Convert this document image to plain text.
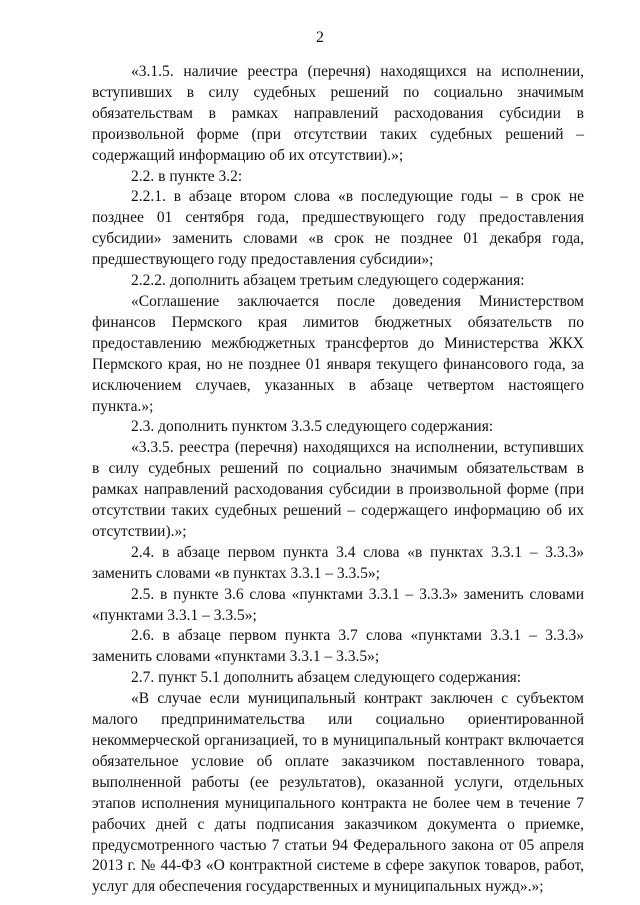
2

«3.1.5. наличие реестра (перечня) находящихся на исполнении, вступивших в силу судебных решений по социально значимым обязательствам в рамках направлений расходования субсидии в произвольной форме (при отсутствии таких судебных решений – содержащий информацию об их отсутствии).»;

2.2. в пункте 3.2:

2.2.1. в абзаце втором слова «в последующие годы – в срок не позднее 01 сентября года, предшествующего году предоставления субсидии» заменить словами «в срок не позднее 01 декабря года, предшествующего году предоставления субсидии»;

2.2.2. дополнить абзацем третьим следующего содержания:

«Соглашение заключается после доведения Министерством финансов Пермского края лимитов бюджетных обязательств по предоставлению межбюджетных трансфертов до Министерства ЖКХ Пермского края, но не позднее 01 января текущего финансового года, за исключением случаев, указанных в абзаце четвертом настоящего пункта.»;

2.3. дополнить пунктом 3.3.5 следующего содержания:

«3.3.5. реестра (перечня) находящихся на исполнении, вступивших в силу судебных решений по социально значимым обязательствам в рамках направлений расходования субсидии в произвольной форме (при отсутствии таких судебных решений – содержащего информацию об их отсутствии).»;

2.4. в абзаце первом пункта 3.4 слова «в пунктах 3.3.1 – 3.3.3» заменить словами «в пунктах 3.3.1 – 3.3.5»;

2.5. в пункте 3.6 слова «пунктами 3.3.1 – 3.3.3» заменить словами «пунктами 3.3.1 – 3.3.5»;

2.6. в абзаце первом пункта 3.7 слова «пунктами 3.3.1 – 3.3.3» заменить словами «пунктами 3.3.1 – 3.3.5»;

2.7. пункт 5.1 дополнить абзацем следующего содержания:

«В случае если муниципальный контракт заключен с субъектом малого предпринимательства или социально ориентированной некоммерческой организацией, то в муниципальный контракт включается обязательное условие об оплате заказчиком поставленного товара, выполненной работы (ее результатов), оказанной услуги, отдельных этапов исполнения муниципального контракта не более чем в течение 7 рабочих дней с даты подписания заказчиком документа о приемке, предусмотренного частью 7 статьи 94 Федерального закона от 05 апреля 2013 г. № 44-ФЗ «О контрактной системе в сфере закупок товаров, работ, услуг для обеспечения государственных и муниципальных нужд».»;
